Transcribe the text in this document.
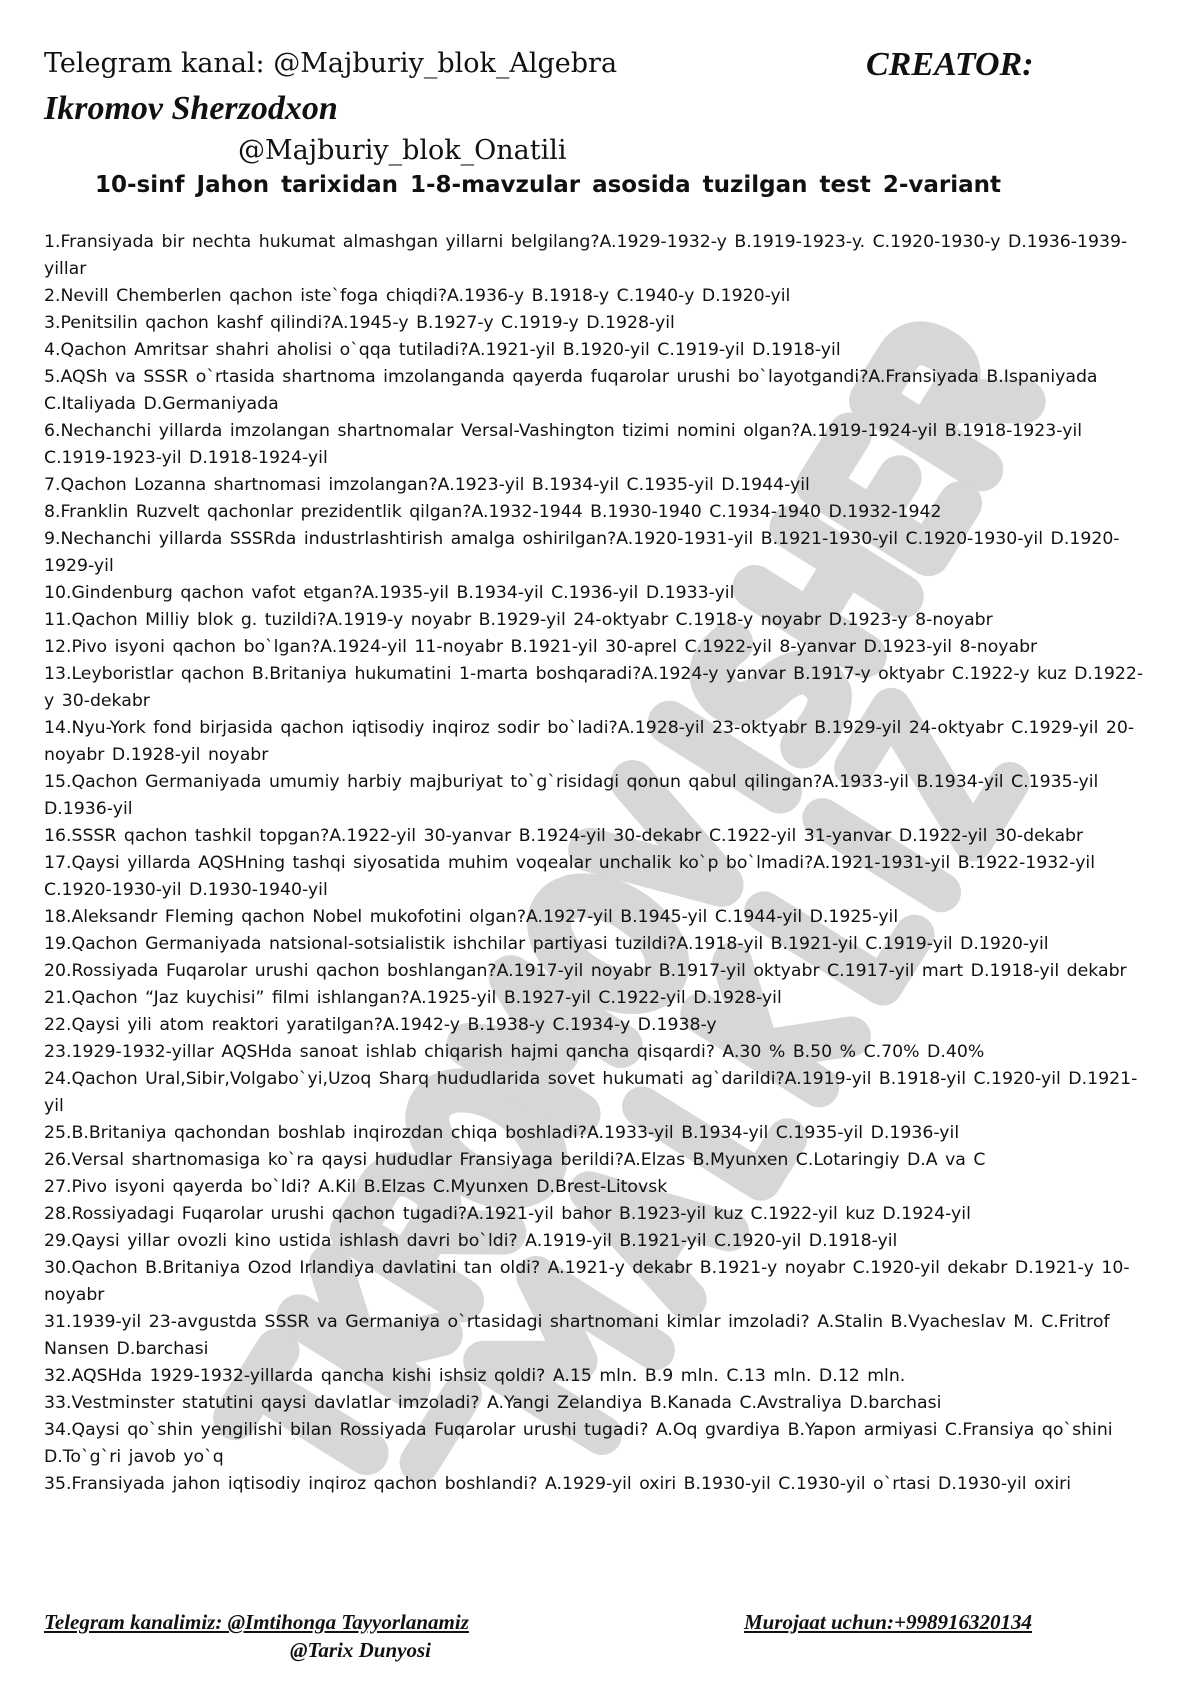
Telegram kanal: @Majburiy_blok_Algebra	CREATOR:
Ikromov Sherzodxon
@Majburiy_blok_Onatili
10-sinf Jahon tarixidan 1-8-mavzular asosida tuzilgan test 2-variant

1.Fransiyada bir nechta hukumat almashgan yillarni belgilang?A.1929-1932-y B.1919-1923-y. C.1920-1930-y D.1936-1939-yillar

2.Nevill Chemberlen qachon iste`foga chiqdi?A.1936-y B.1918-y C.1940-y D.1920-yil

3.Penitsilin qachon kashf qilindi?A.1945-y B.1927-y C.1919-y D.1928-yil

4.Qachon Amritsar shahri aholisi o`qqa tutiladi?A.1921-yil B.1920-yil C.1919-yil D.1918-yil

5.AQSh va SSSR o`rtasida shartnoma imzolanganda qayerda fuqarolar urushi bo`layotgandi?A.Fransiyada B.Ispaniyada C.Italiyada D.Germaniyada

6.Nechanchi yillarda imzolangan shartnomalar Versal-Vashington tizimi nomini olgan?A.1919-1924-yil B.1918-1923-yil C.1919-1923-yil D.1918-1924-yil

7.Qachon Lozanna shartnomasi imzolangan?A.1923-yil B.1934-yil C.1935-yil D.1944-yil

8.Franklin Ruzvelt qachonlar prezidentlik qilgan?A.1932-1944 B.1930-1940 C.1934-1940 D.1932-1942

9.Nechanchi yillarda SSSRda industrlashtirish amalga oshirilgan?A.1920-1931-yil B.1921-1930-yil C.1920-1930-yil D.1920-1929-yil

10.Gindenburg qachon vafot etgan?A.1935-yil B.1934-yil C.1936-yil D.1933-yil

11.Qachon Milliy blok g. tuzildi?A.1919-y noyabr B.1929-yil 24-oktyabr C.1918-y noyabr D.1923-y 8-noyabr

12.Pivo isyoni qachon bo`lgan?A.1924-yil 11-noyabr B.1921-yil 30-aprel C.1922-yil 8-yanvar D.1923-yil 8-noyabr

13.Leyboristlar qachon B.Britaniya hukumatini 1-marta boshqaradi?A.1924-y yanvar B.1917-y oktyabr C.1922-y kuz D.1922-y 30-dekabr

14.Nyu-York fond birjasida qachon iqtisodiy inqiroz sodir bo`ladi?A.1928-yil 23-oktyabr B.1929-yil 24-oktyabr C.1929-yil 20-noyabr D.1928-yil noyabr

15.Qachon Germaniyada umumiy harbiy majburiyat to`g`risidagi qonun qabul qilingan?A.1933-yil B.1934-yil C.1935-yil D.1936-yil

16.SSSR qachon tashkil topgan?A.1922-yil 30-yanvar B.1924-yil 30-dekabr C.1922-yil 31-yanvar D.1922-yil 30-dekabr

17.Qaysi yillarda AQSHning tashqi siyosatida muhim voqealar unchalik ko`p bo`lmadi?A.1921-1931-yil B.1922-1932-yil C.1920-1930-yil D.1930-1940-yil

18.Aleksandr Fleming qachon Nobel mukofotini olgan?A.1927-yil B.1945-yil C.1944-yil D.1925-yil

19.Qachon Germaniyada natsional-sotsialistik ishchilar partiyasi tuzildi?A.1918-yil B.1921-yil C.1919-yil D.1920-yil

20.Rossiyada Fuqarolar urushi qachon boshlangan?A.1917-yil noyabr B.1917-yil oktyabr C.1917-yil mart D.1918-yil dekabr

21.Qachon “Jaz kuychisi” filmi ishlangan?A.1925-yil B.1927-yil C.1922-yil D.1928-yil

22.Qaysi yili atom reaktori yaratilgan?A.1942-y B.1938-y C.1934-y D.1938-y

23.1929-1932-yillar AQSHda sanoat ishlab chiqarish hajmi qancha qisqardi? A.30 % B.50 % C.70% D.40%

24.Qachon Ural,Sibir,Volgabo`yi,Uzoq Sharq hududlarida sovet hukumati ag`darildi?A.1919-yil B.1918-yil C.1920-yil D.1921-yil

25.B.Britaniya qachondan boshlab inqirozdan chiqa boshladi?A.1933-yil B.1934-yil C.1935-yil D.1936-yil

26.Versal shartnomasiga ko`ra qaysi hududlar Fransiyaga berildi?A.Elzas B.Myunxen C.Lotaringiy D.A va C

27.Pivo isyoni qayerda bo`ldi? A.Kil B.Elzas C.Myunxen D.Brest-Litovsk

28.Rossiyadagi Fuqarolar urushi qachon tugadi?A.1921-yil bahor B.1923-yil kuz C.1922-yil kuz D.1924-yil

29.Qaysi yillar ovozli kino ustida ishlash davri bo`ldi? A.1919-yil B.1921-yil C.1920-yil D.1918-yil

30.Qachon B.Britaniya Ozod Irlandiya davlatini tan oldi? A.1921-y dekabr B.1921-y noyabr C.1920-yil dekabr D.1921-y 10-noyabr

31.1939-yil 23-avgustda SSSR va Germaniya o`rtasidagi shartnomani kimlar imzoladi? A.Stalin B.Vyacheslav M. C.Fritrof Nansen D.barchasi

32.AQSHda 1929-1932-yillarda qancha kishi ishsiz qoldi? A.15 mln. B.9 mln. C.13 mln. D.12 mln.

33.Vestminster statutini qaysi davlatlar imzoladi? A.Yangi Zelandiya B.Kanada C.Avstraliya D.barchasi

34.Qaysi qo`shin yengilishi bilan Rossiyada Fuqarolar urushi tugadi? A.Oq gvardiya B.Yapon armiyasi C.Fransiya qo`shini D.To`g`ri javob yo`q

35.Fransiyada jahon iqtisodiy inqiroz qachon boshlandi? A.1929-yil oxiri B.1930-yil C.1930-yil o`rtasi D.1930-yil oxiri

Telegram kanalimiz: @Imtihonga Tayyorlanamiz	Murojaat uchun:+998916320134
@Tarix Dunyosi
